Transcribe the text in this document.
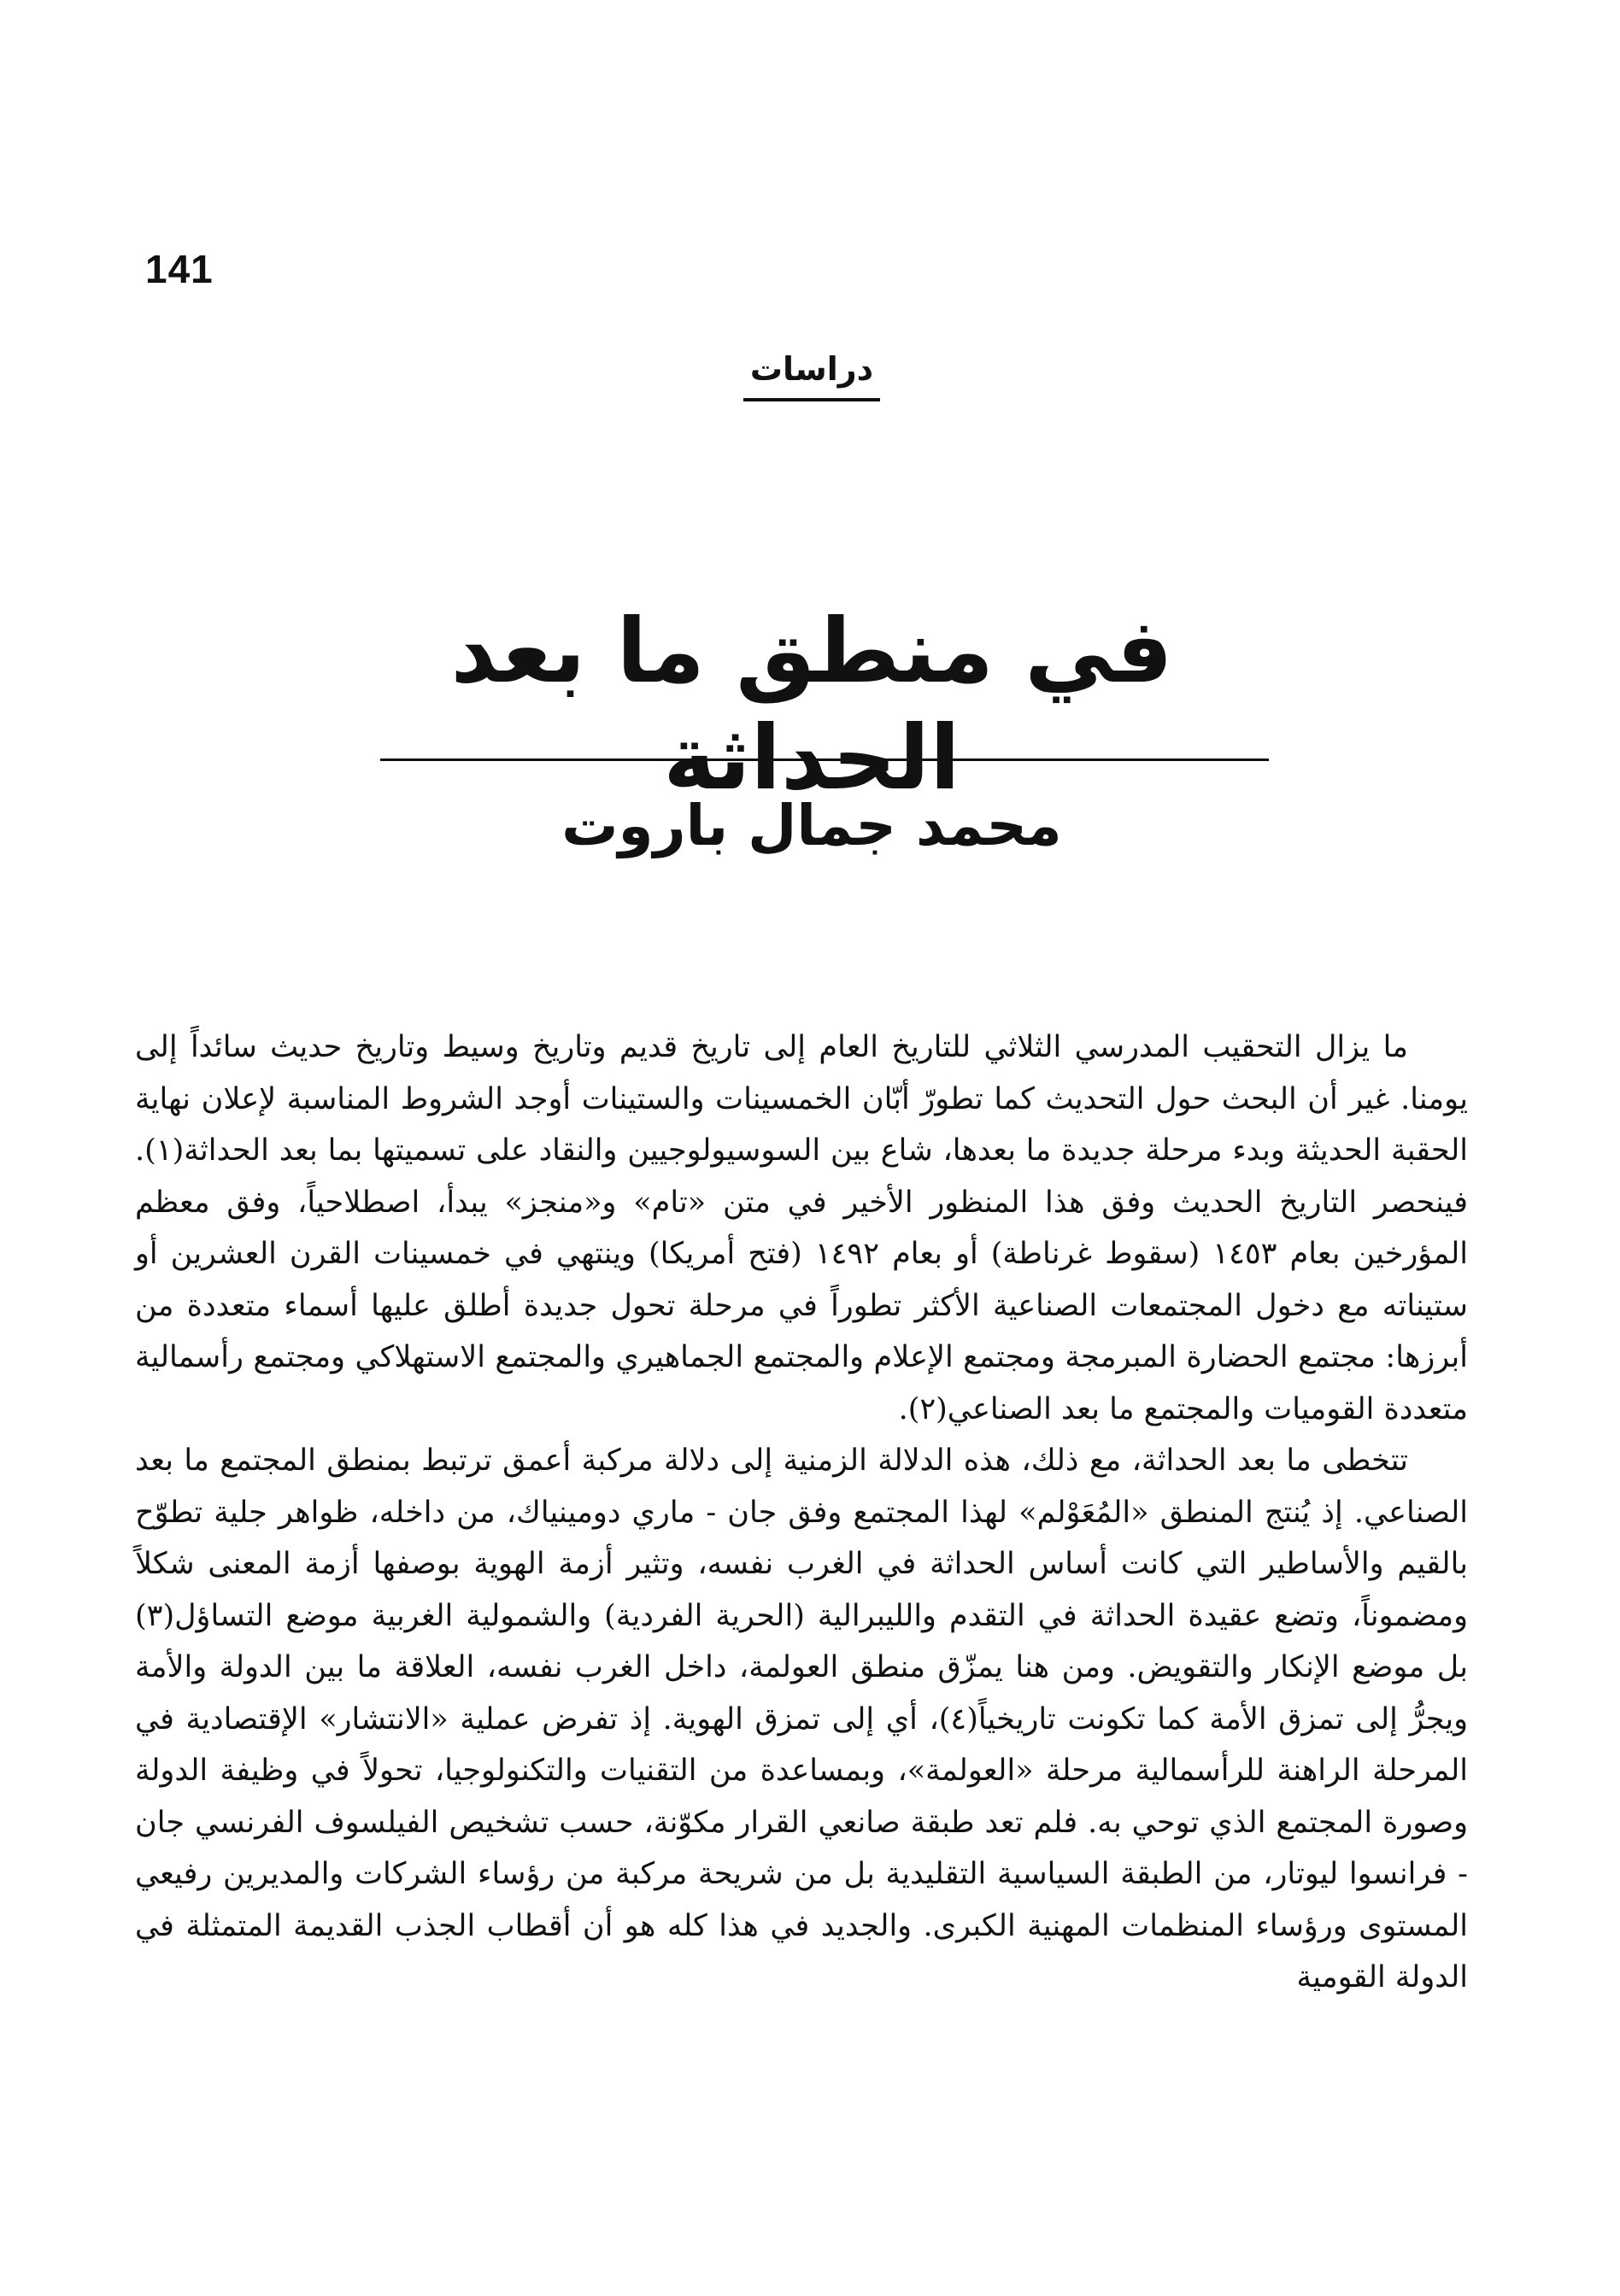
141
دراسات
في منطق ما بعد الحداثة
محمد جمال باروت

ما يزال التحقيب المدرسي الثلاثي للتاريخ العام إلى تاريخ قديم وتاريخ وسيط وتاريخ حديث سائداً إلى يومنا. غير أن البحث حول التحديث كما تطورّ أبّان الخمسينات والستينات أوجد الشروط المناسبة لإعلان نهاية الحقبة الحديثة وبدء مرحلة جديدة ما بعدها، شاع بين السوسيولوجيين والنقاد على تسميتها بما بعد الحداثة(١). فينحصر التاريخ الحديث وفق هذا المنظور الأخير في متن «تام» و«منجز» يبدأ، اصطلاحياً، وفق معظم المؤرخين بعام ١٤٥٣ (سقوط غرناطة) أو بعام ١٤٩٢ (فتح أمريكا) وينتهي في خمسينات القرن العشرين أو ستيناته مع دخول المجتمعات الصناعية الأكثر تطوراً في مرحلة تحول جديدة أطلق عليها أسماء متعددة من أبرزها: مجتمع الحضارة المبرمجة ومجتمع الإعلام والمجتمع الجماهيري والمجتمع الاستهلاكي ومجتمع رأسمالية متعددة القوميات والمجتمع ما بعد الصناعي(٢).

تتخطى ما بعد الحداثة، مع ذلك، هذه الدلالة الزمنية إلى دلالة مركبة أعمق ترتبط بمنطق المجتمع ما بعد الصناعي. إذ يُنتج المنطق «المُعَوْلم» لهذا المجتمع وفق جان - ماري دومينياك، من داخله، ظواهر جلية تطوّح بالقيم والأساطير التي كانت أساس الحداثة في الغرب نفسه، وتثير أزمة الهوية بوصفها أزمة المعنى شكلاً ومضموناً، وتضع عقيدة الحداثة في التقدم والليبرالية (الحرية الفردية) والشمولية الغربية موضع التساؤل(٣) بل موضع الإنكار والتقويض. ومن هنا يمزّق منطق العولمة، داخل الغرب نفسه، العلاقة ما بين الدولة والأمة ويجرُّ إلى تمزق الأمة كما تكونت تاريخياً(٤)، أي إلى تمزق الهوية. إذ تفرض عملية «الانتشار» الإقتصادية في المرحلة الراهنة للرأسمالية مرحلة «العولمة»، وبمساعدة من التقنيات والتكنولوجيا، تحولاً في وظيفة الدولة وصورة المجتمع الذي توحي به. فلم تعد طبقة صانعي القرار مكوّنة، حسب تشخيص الفيلسوف الفرنسي جان - فرانسوا ليوتار، من الطبقة السياسية التقليدية بل من شريحة مركبة من رؤساء الشركات والمديرين رفيعي المستوى ورؤساء المنظمات المهنية الكبرى. والجديد في هذا كله هو أن أقطاب الجذب القديمة المتمثلة في الدولة القومية
